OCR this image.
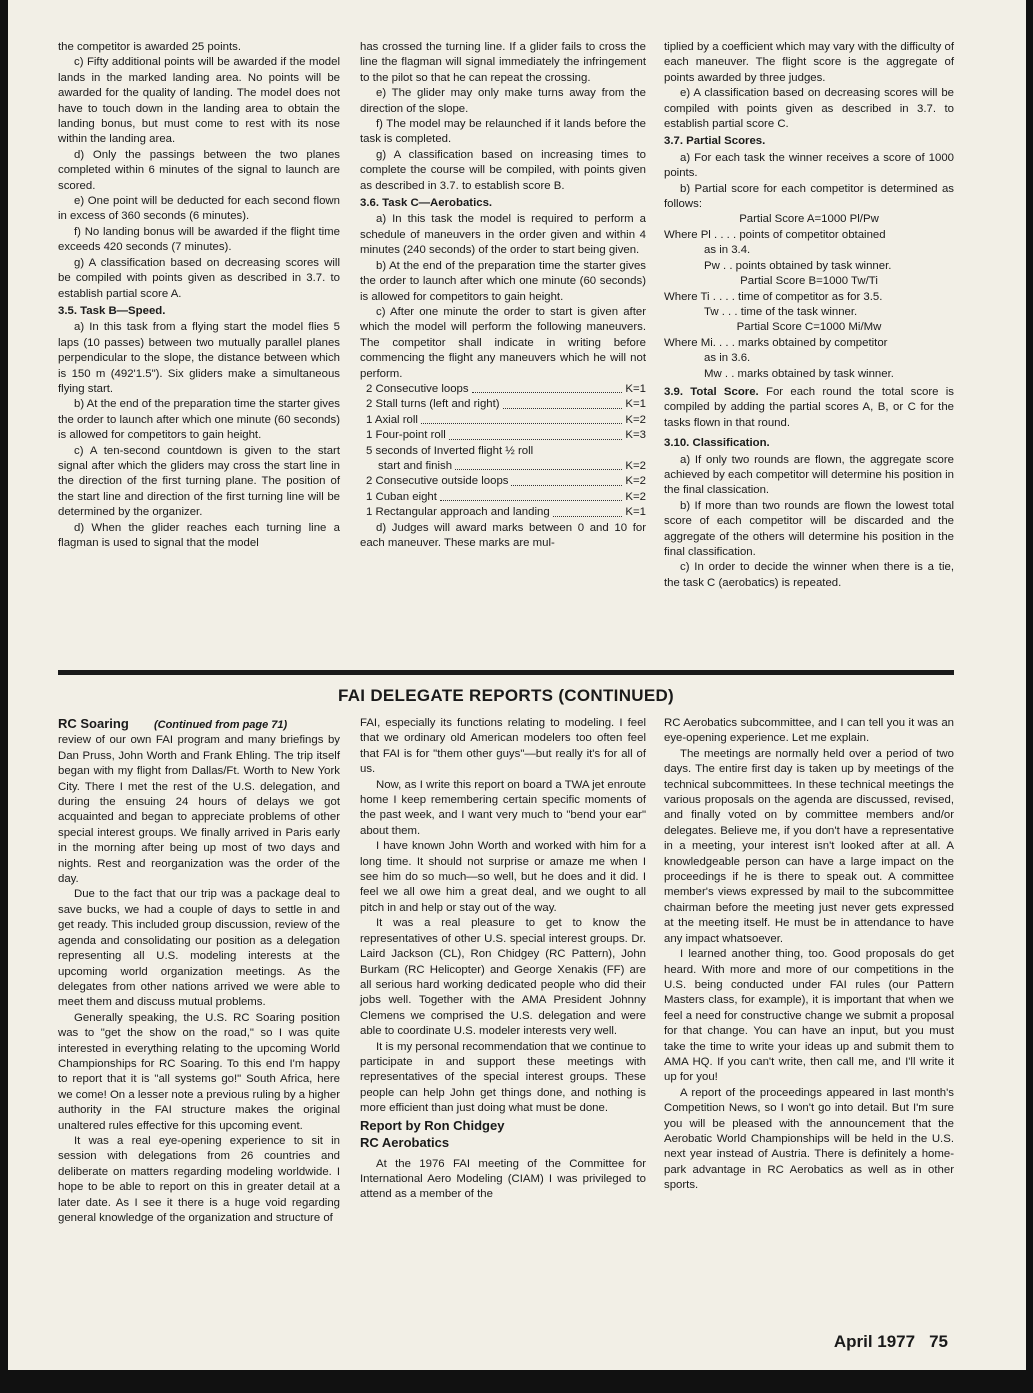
the competitor is awarded 25 points.

c) Fifty additional points will be awarded if the model lands in the marked landing area. No points will be awarded for the quality of landing. The model does not have to touch down in the landing area to obtain the landing bonus, but must come to rest with its nose within the landing area.

d) Only the passings between the two planes completed within 6 minutes of the signal to launch are scored.

e) One point will be deducted for each second flown in excess of 360 seconds (6 minutes).

f) No landing bonus will be awarded if the flight time exceeds 420 seconds (7 minutes).

g) A classification based on decreasing scores will be compiled with points given as described in 3.7. to establish partial score A.

3.5. Task B—Speed.

a) In this task from a flying start the model flies 5 laps (10 passes) between two mutually parallel planes perpendicular to the slope, the distance between which is 150 m (492'1.5"). Six gliders make a simultaneous flying start.

b) At the end of the preparation time the starter gives the order to launch after which one minute (60 seconds) is allowed for competitors to gain height.

c) A ten-second countdown is given to the start signal after which the gliders may cross the start line in the direction of the first turning plane. The position of the start line and direction of the first turning line will be determined by the organizer.

d) When the glider reaches each turning line a flagman is used to signal that the model

has crossed the turning line. If a glider fails to cross the line the flagman will signal immediately the infringement to the pilot so that he can repeat the crossing.

e) The glider may only make turns away from the direction of the slope.

f) The model may be relaunched if it lands before the task is completed.

g) A classification based on increasing times to complete the course will be compiled, with points given as described in 3.7. to establish score B.

3.6. Task C—Aerobatics.

a) In this task the model is required to perform a schedule of maneuvers in the order given and within 4 minutes (240 seconds) of the order to start being given.

b) At the end of the preparation time the starter gives the order to launch after which one minute (60 seconds) is allowed for competitors to gain height.

c) After one minute the order to start is given after which the model will perform the following maneuvers. The competitor shall indicate in writing before commencing the flight any maneuvers which he will not perform.

2 Consecutive loops	K=1
2 Stall turns (left and right)	K=1
1 Axial roll	K=2
1 Four-point roll	K=3
5 seconds of Inverted flight ½ roll
start and finish	K=2
2 Consecutive outside loops	K=2
1 Cuban eight	K=2
1 Rectangular approach and landing	K=1

d) Judges will award marks between 0 and 10 for each maneuver. These marks are mul-

tiplied by a coefficient which may vary with the difficulty of each maneuver. The flight score is the aggregate of points awarded by three judges.

e) A classification based on decreasing scores will be compiled with points given as described in 3.7. to establish partial score C.

3.7. Partial Scores.

a) For each task the winner receives a score of 1000 points.

b) Partial score for each competitor is determined as follows:

Partial Score A=1000 Pl/Pw

Where Pl . . . . points of competitor obtained

as in 3.4.

Pw . . points obtained by task winner.

Partial Score B=1000 Tw/Ti

Where Ti . . . . time of competitor as for 3.5.

Tw . . . time of the task winner.

Partial Score C=1000 Mi/Mw

Where Mi. . . . marks obtained by competitor

as in 3.6.

Mw . . marks obtained by task winner.

3.9. Total Score. For each round the total score is compiled by adding the partial scores A, B, or C for the tasks flown in that round.

3.10. Classification.

a) If only two rounds are flown, the aggregate score achieved by each competitor will determine his position in the final classication.

b) If more than two rounds are flown the lowest total score of each competitor will be discarded and the aggregate of the others will determine his position in the final classification.

c) In order to decide the winner when there is a tie, the task C (aerobatics) is repeated.

FAI DELEGATE REPORTS (CONTINUED)

RC Soaring (Continued from page 71)

review of our own FAI program and many briefings by Dan Pruss, John Worth and Frank Ehling. The trip itself began with my flight from Dallas/Ft. Worth to New York City. There I met the rest of the U.S. delegation, and during the ensuing 24 hours of delays we got acquainted and began to appreciate problems of other special interest groups. We finally arrived in Paris early in the morning after being up most of two days and nights. Rest and reorganization was the order of the day.

Due to the fact that our trip was a package deal to save bucks, we had a couple of days to settle in and get ready. This included group discussion, review of the agenda and consolidating our position as a delegation representing all U.S. modeling interests at the upcoming world organization meetings. As the delegates from other nations arrived we were able to meet them and discuss mutual problems.

Generally speaking, the U.S. RC Soaring position was to "get the show on the road," so I was quite interested in everything relating to the upcoming World Championships for RC Soaring. To this end I'm happy to report that it is "all systems go!" South Africa, here we come! On a lesser note a previous ruling by a higher authority in the FAI structure makes the original unaltered rules effective for this upcoming event.

It was a real eye-opening experience to sit in session with delegations from 26 countries and deliberate on matters regarding modeling worldwide. I hope to be able to report on this in greater detail at a later date. As I see it there is a huge void regarding general knowledge of the organization and structure of

FAI, especially its functions relating to modeling. I feel that we ordinary old American modelers too often feel that FAI is for "them other guys"—but really it's for all of us.

Now, as I write this report on board a TWA jet enroute home I keep remembering certain specific moments of the past week, and I want very much to "bend your ear" about them.

I have known John Worth and worked with him for a long time. It should not surprise or amaze me when I see him do so much—so well, but he does and it did. I feel we all owe him a great deal, and we ought to all pitch in and help or stay out of the way.

It was a real pleasure to get to know the representatives of other U.S. special interest groups. Dr. Laird Jackson (CL), Ron Chidgey (RC Pattern), John Burkam (RC Helicopter) and George Xenakis (FF) are all serious hard working dedicated people who did their jobs well. Together with the AMA President Johnny Clemens we comprised the U.S. delegation and were able to coordinate U.S. modeler interests very well.

It is my personal recommendation that we continue to participate in and support these meetings with representatives of the special interest groups. These people can help John get things done, and nothing is more efficient than just doing what must be done.

Report by Ron Chidgey

RC Aerobatics

At the 1976 FAI meeting of the Committee for International Aero Modeling (CIAM) I was privileged to attend as a member of the

RC Aerobatics subcommittee, and I can tell you it was an eye-opening experience. Let me explain.

The meetings are normally held over a period of two days. The entire first day is taken up by meetings of the technical subcommittees. In these technical meetings the various proposals on the agenda are discussed, revised, and finally voted on by committee members and/or delegates. Believe me, if you don't have a representative in a meeting, your interest isn't looked after at all. A knowledgeable person can have a large impact on the proceedings if he is there to speak out. A committee member's views expressed by mail to the subcommittee chairman before the meeting just never gets expressed at the meeting itself. He must be in attendance to have any impact whatsoever.

I learned another thing, too. Good proposals do get heard. With more and more of our competitions in the U.S. being conducted under FAI rules (our Pattern Masters class, for example), it is important that when we feel a need for constructive change we submit a proposal for that change. You can have an input, but you must take the time to write your ideas up and submit them to AMA HQ. If you can't write, then call me, and I'll write it up for you!

A report of the proceedings appeared in last month's Competition News, so I won't go into detail. But I'm sure you will be pleased with the announcement that the Aerobatic World Championships will be held in the U.S. next year instead of Austria. There is definitely a home-park advantage in RC Aerobatics as well as in other sports.

April 1977 75
